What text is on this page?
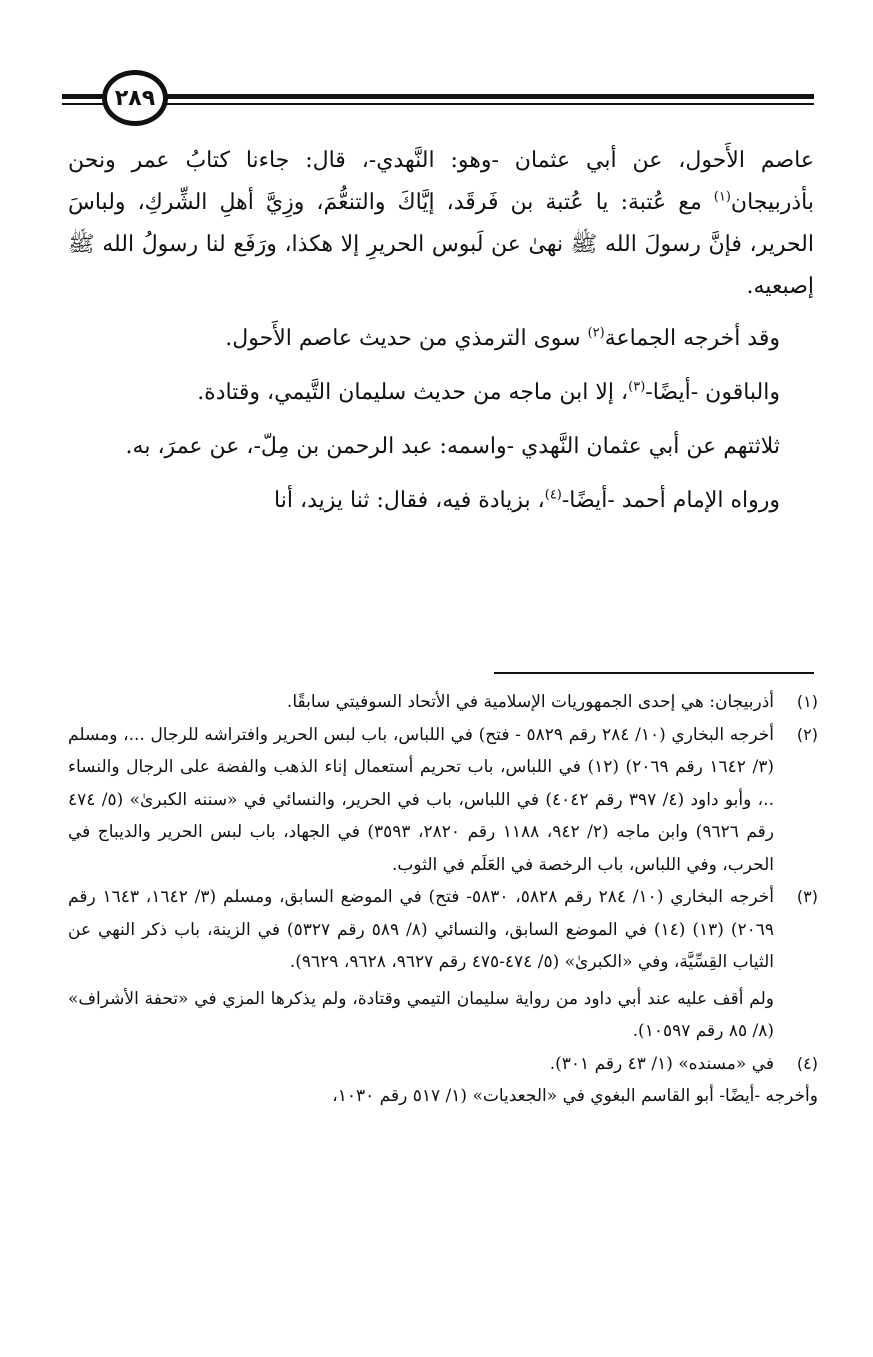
٢٨٩

عاصم الأَحول، عن أبي عثمان -وهو: النَّهدي-، قال: جاءنا كتابُ عمر ونحن بأذربيجان$^{(١)}$ مع عُتبة: يا عُتبة بن فَرقَد، إيَّاكَ والتنعُّمَ، وزِيَّ أهلِ الشِّركِ، ولباسَ الحرير، فإنَّ رسولَ الله ﷺ نهىٰ عن لَبوس الحريرِ إلا هكذا، ورَفَع لنا رسولُ الله ﷺ إصبعيه.

وقد أخرجه الجماعة$^{(٢)}$ سوى الترمذي من حديث عاصم الأَحول.

والباقون -أيضًا-$^{(٣)}$، إلا ابن ماجه من حديث سليمان التَّيمي، وقتادة.

ثلاثتهم عن أبي عثمان النَّهدي -واسمه: عبد الرحمن بن مِلّ-، عن عمرَ، به.

ورواه الإمام أحمد -أيضًا-$^{(٤)}$، بزيادة فيه، فقال: ثنا يزيد، أنا

(١)

أذربيجان: هي إحدى الجمهوريات الإسلامية في الأتحاد السوفيتي سابقًا.

(٢)

أخرجه البخاري (١٠/ ٢٨٤ رقم ٥٨٢٩ - فتح) في اللباس، باب لبس الحرير وافتراشه للرجال ...، ومسلم (٣/ ١٦٤٢ رقم ٢٠٦٩) (١٢) في اللباس، باب تحريم أستعمال إناء الذهب والفضة على الرجال والنساء ..، وأبو داود (٤/ ٣٩٧ رقم ٤٠٤٢) في اللباس، باب في الحرير، والنسائي في «سننه الكبرىٰ» (٥/ ٤٧٤ رقم ٩٦٢٦) وابن ماجه (٢/ ٩٤٢، ١١٨٨ رقم ٢٨٢٠، ٣٥٩٣) في الجهاد، باب لبس الحرير والديباج في الحرب، وفي اللباس، باب الرخصة في العَلَم في الثوب.

(٣)

أخرجه البخاري (١٠/ ٢٨٤ رقم ٥٨٢٨، ٥٨٣٠- فتح) في الموضع السابق، ومسلم (٣/ ١٦٤٢، ١٦٤٣ رقم ٢٠٦٩) (١٣) (١٤) في الموضع السابق، والنسائي (٨/ ٥٨٩ رقم ٥٣٢٧) في الزينة، باب ذكر النهي عن الثياب القِسِّيَّة، وفي «الكبرىٰ» (٥/ ٤٧٤-٤٧٥ رقم ٩٦٢٧، ٩٦٢٨، ٩٦٢٩).

ولم أقف عليه عند أبي داود من رواية سليمان التيمي وقتادة، ولم يذكرها المزي في «تحفة الأشراف» (٨/ ٨٥ رقم ١٠٥٩٧).

(٤)

في «مسنده» (١/ ٤٣ رقم ٣٠١).

وأخرجه -أيضًا- أبو القاسم البغوي في «الجعديات» (١/ ٥١٧ رقم ١٠٣٠،
